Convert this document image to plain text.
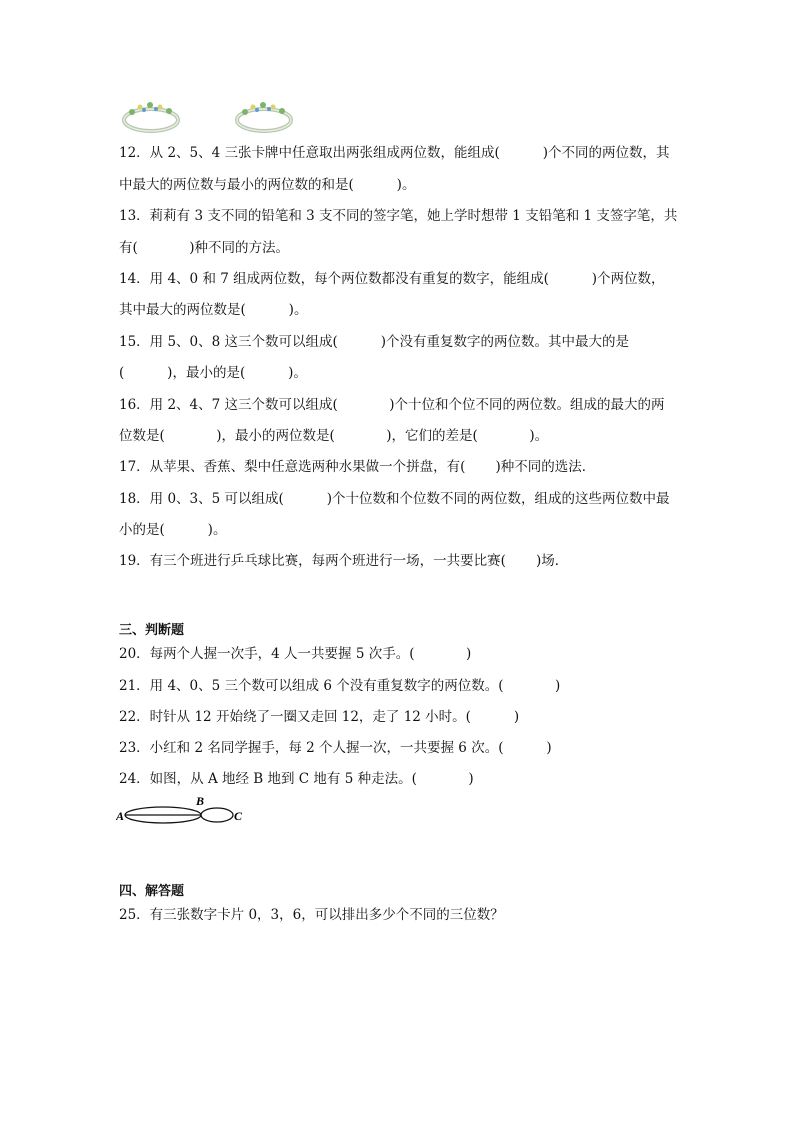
12．从 2、5、4 三张卡牌中任意取出两张组成两位数，能组成(          )个不同的两位数，其
中最大的两位数与最小的两位数的和是(          )。
13．莉莉有 3 支不同的铅笔和 3 支不同的签字笔，她上学时想带 1 支铅笔和 1 支签字笔，共
有(            )种不同的方法。
14．用 4、0 和 7 组成两位数，每个两位数都没有重复的数字，能组成(          )个两位数，
其中最大的两位数是(          )。
15．用 5、0、8 这三个数可以组成(          )个没有重复数字的两位数。其中最大的是
(          )，最小的是(          )。
16．用 2、4、7 这三个数可以组成(            )个十位和个位不同的两位数。组成的最大的两
位数是(            )，最小的两位数是(            )，它们的差是(            )。
17．从苹果、香蕉、梨中任意选两种水果做一个拼盘，有(       )种不同的选法．
18．用 0、3、5 可以组成(          )个十位数和个位数不同的两位数，组成的这些两位数中最
小的是(          )。
19．有三个班进行乒乓球比赛，每两个班进行一场，一共要比赛(       )场．
三、判断题
20．每两个人握一次手，4 人一共要握 5 次手。(            )
21．用 4、0、5 三个数可以组成 6 个没有重复数字的两位数。(            )
22．时针从 12 开始绕了一圈又走回 12，走了 12 小时。(          )
23．小红和 2 名同学握手，每 2 个人握一次，一共要握 6 次。(          )
24．如图，从 A 地经 B 地到 C 地有 5 种走法。(            )
A
B
C
四、解答题
25．有三张数字卡片 0，3，6，可以排出多少个不同的三位数？
